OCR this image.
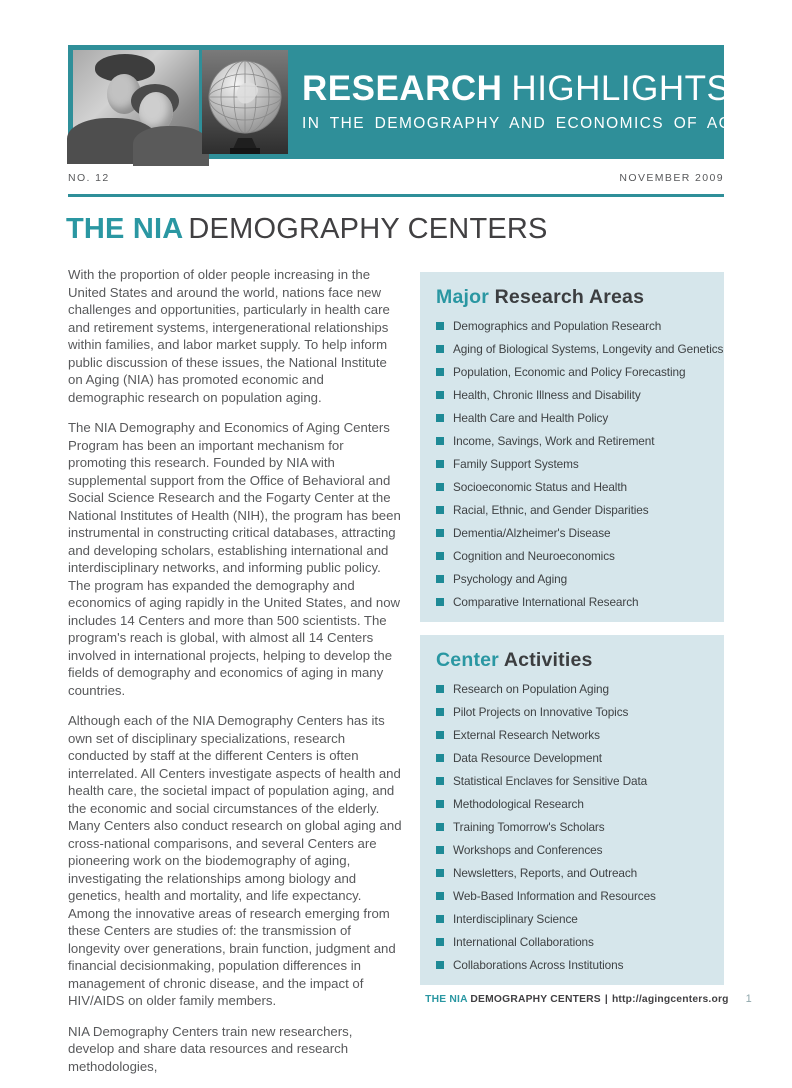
RESEARCH HIGHLIGHTS
IN THE DEMOGRAPHY AND ECONOMICS OF AGING
NO. 12	NOVEMBER 2009
THE NIA DEMOGRAPHY CENTERS

With the proportion of older people increasing in the United States and around the world, nations face new challenges and opportunities, particularly in health care and retirement systems, intergenerational relationships within families, and labor market supply. To help inform public discussion of these issues, the National Institute on Aging (NIA) has promoted economic and demographic research on population aging.

The NIA Demography and Economics of Aging Centers Program has been an important mechanism for promoting this research. Founded by NIA with supplemental support from the Office of Behavioral and Social Science Research and the Fogarty Center at the National Institutes of Health (NIH), the program has been instrumental in constructing critical databases, attracting and developing scholars, establishing international and interdisciplinary networks, and informing public policy. The program has expanded the demography and economics of aging rapidly in the United States, and now includes 14 Centers and more than 500 scientists. The program's reach is global, with almost all 14 Centers involved in international projects, helping to develop the fields of demography and economics of aging in many countries.

Although each of the NIA Demography Centers has its own set of disciplinary specializations, research conducted by staff at the different Centers is often interrelated. All Centers investigate aspects of health and health care, the societal impact of population aging, and the economic and social circumstances of the elderly. Many Centers also conduct research on global aging and cross-national comparisons, and several Centers are pioneering work on the biodemography of aging, investigating the relationships among biology and genetics, health and mortality, and life expectancy. Among the innovative areas of research emerging from these Centers are studies of: the transmission of longevity over generations, brain function, judgment and financial decisionmaking, population differences in management of chronic disease, and the impact of HIV/AIDS on older family members.

NIA Demography Centers train new researchers, develop and share data resources and research methodologies,

Major Research Areas
Demographics and Population Research
Aging of Biological Systems, Longevity and Genetics
Population, Economic and Policy Forecasting
Health, Chronic Illness and Disability
Health Care and Health Policy
Income, Savings, Work and Retirement
Family Support Systems
Socioeconomic Status and Health
Racial, Ethnic, and Gender Disparities
Dementia/Alzheimer's Disease
Cognition and Neuroeconomics
Psychology and Aging
Comparative International Research
Center Activities
Research on Population Aging
Pilot Projects on Innovative Topics
External Research Networks
Data Resource Development
Statistical Enclaves for Sensitive Data
Methodological Research
Training Tomorrow's Scholars
Workshops and Conferences
Newsletters, Reports, and Outreach
Web-Based Information and Resources
Interdisciplinary Science
International Collaborations
Collaborations Across Institutions
THE NIA DEMOGRAPHY CENTERS | http://agingcenters.org 1
